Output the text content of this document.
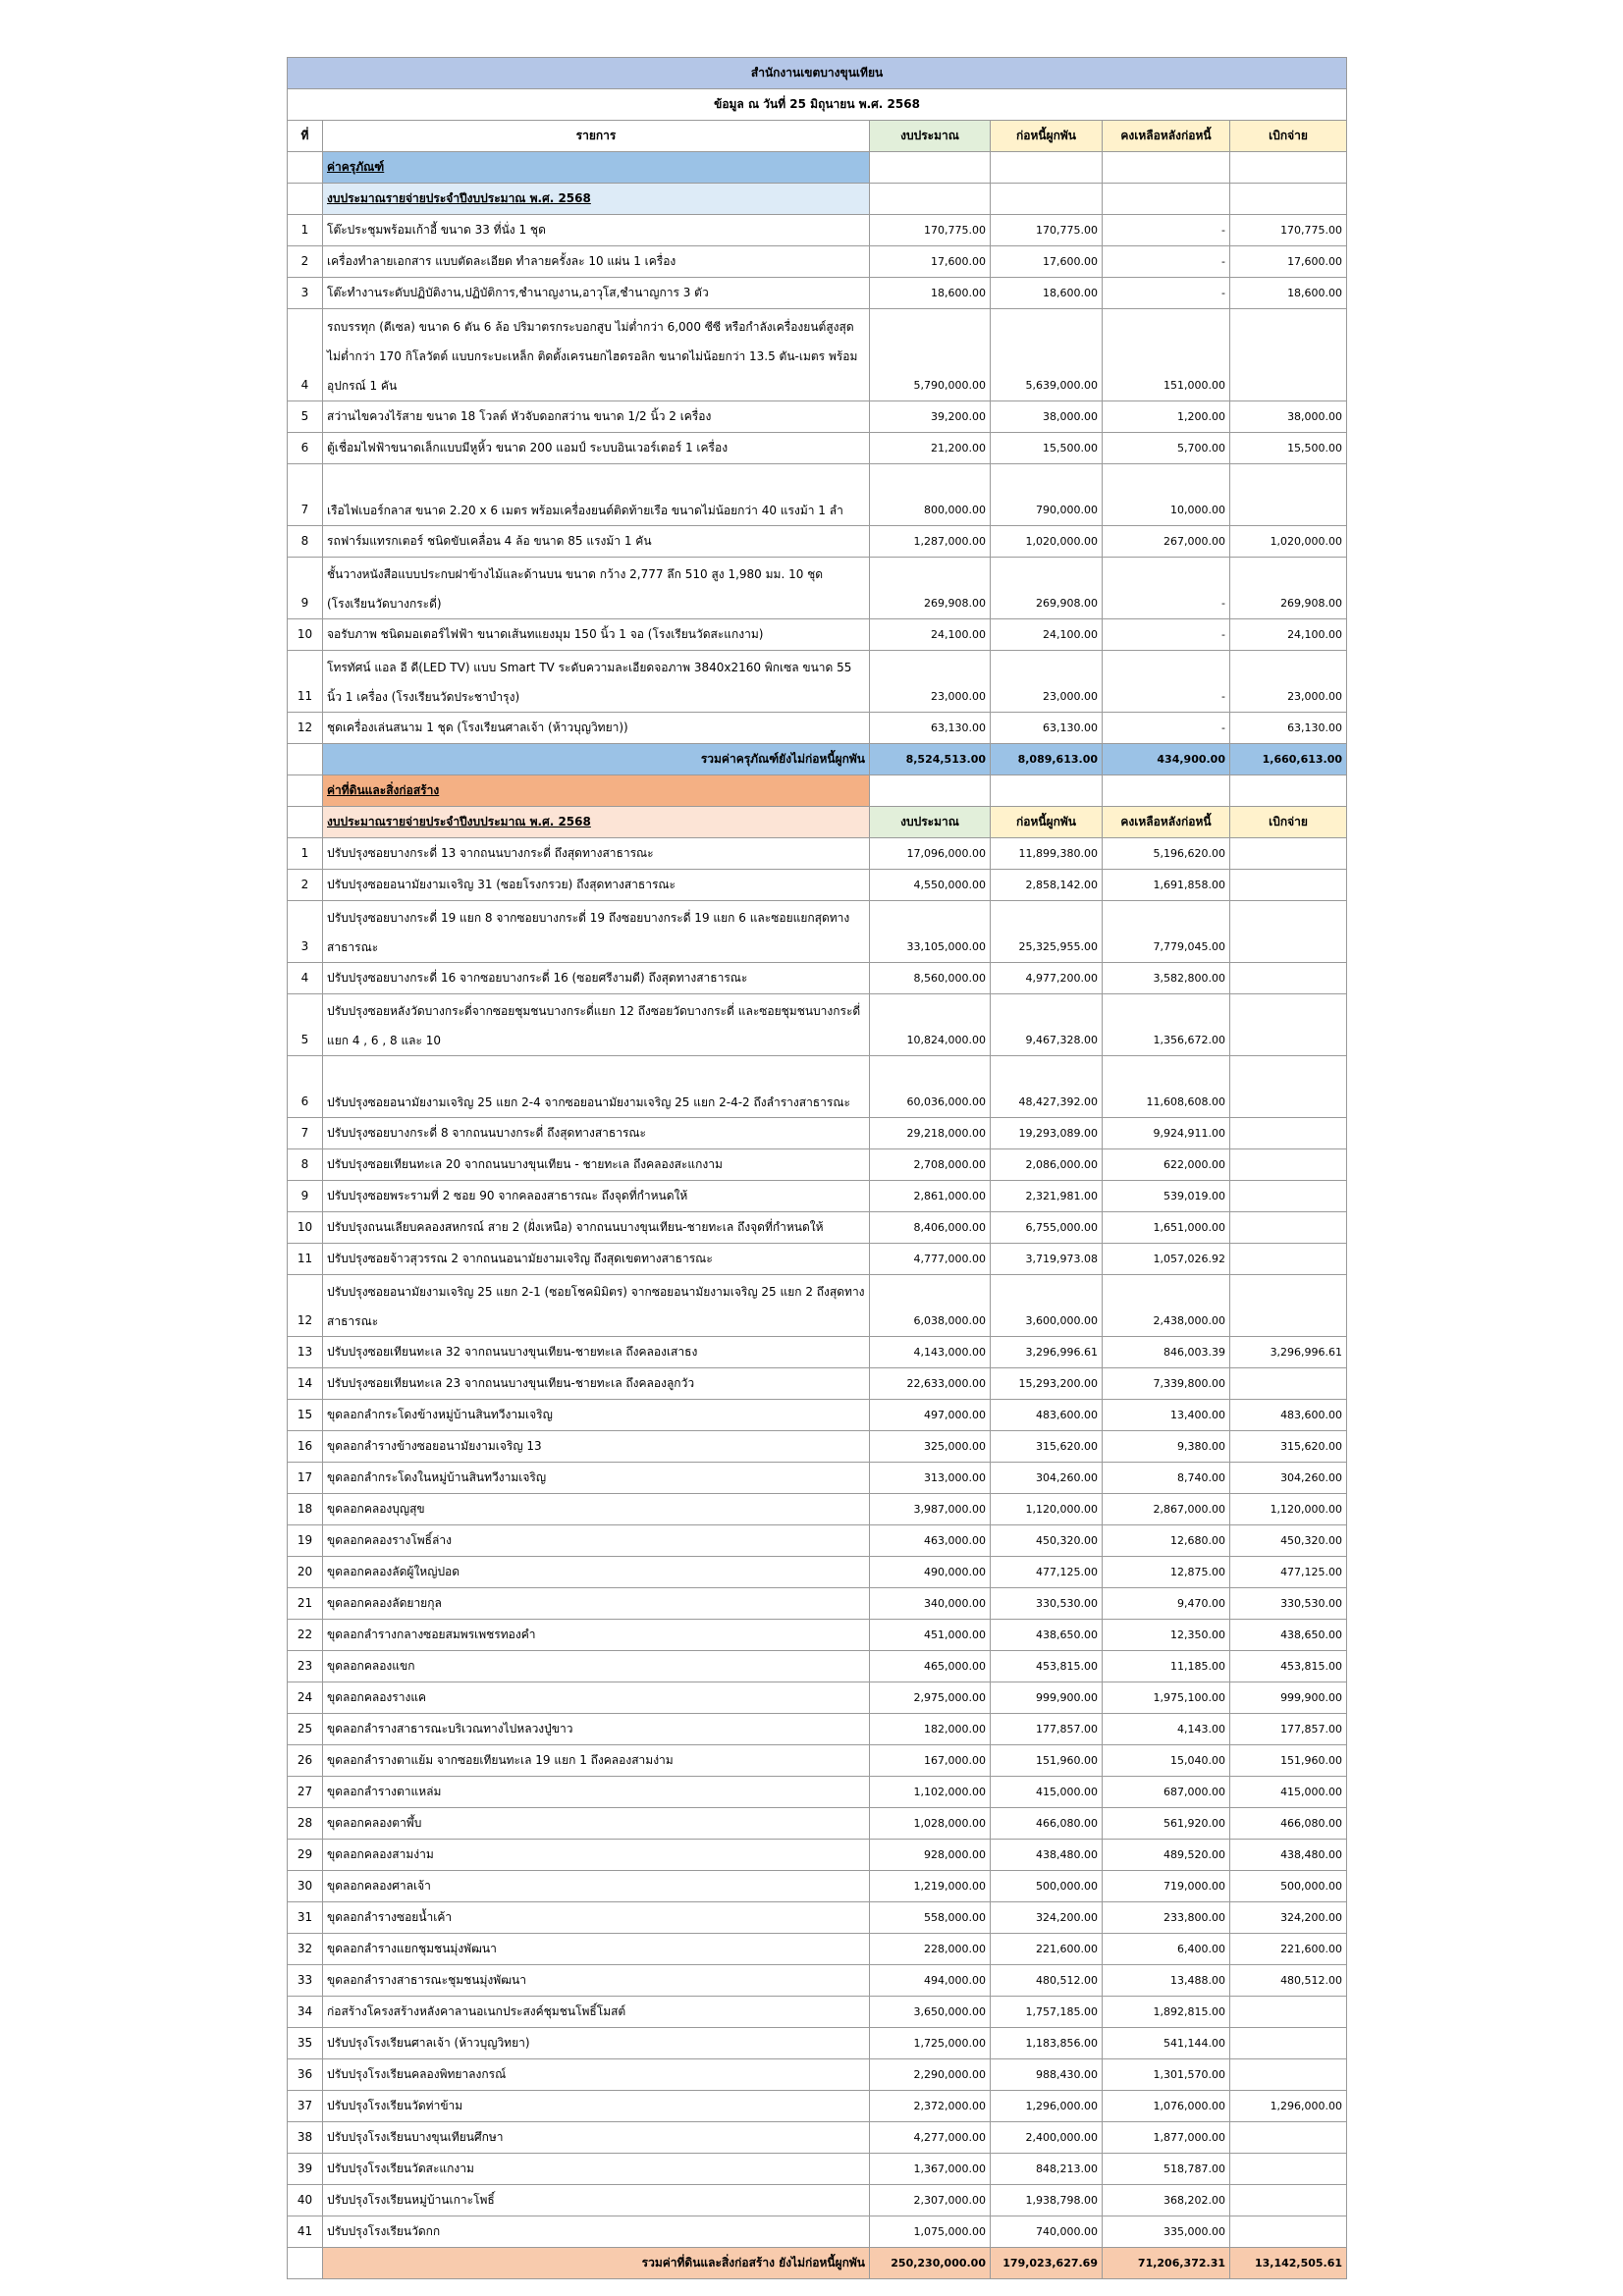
สำนักงานเขตบางขุนเทียน					
ข้อมูล ณ วันที่ 25 มิถุนายน พ.ศ. 2568					
ที่	รายการ	งบประมาณ	ก่อหนี้ผูกพัน	คงเหลือหลังก่อหนี้	เบิกจ่าย
	ค่าครุภัณฑ์				
	งบประมาณรายจ่ายประจำปีงบประมาณ พ.ศ. 2568				
1	โต๊ะประชุมพร้อมเก้าอี้ ขนาด 33 ที่นั่ง 1 ชุด	170,775.00	170,775.00	-	170,775.00
2	เครื่องทำลายเอกสาร แบบตัดละเอียด ทำลายครั้งละ 10 แผ่น 1 เครื่อง	17,600.00	17,600.00	-	17,600.00
3	โต๊ะทำงานระดับปฏิบัติงาน,ปฏิบัติการ,ชำนาญงาน,อาวุโส,ชำนาญการ 3 ตัว	18,600.00	18,600.00	-	18,600.00
4	รถบรรทุก (ดีเซล) ขนาด 6 ตัน 6 ล้อ ปริมาตรกระบอกสูบ ไม่ต่ำกว่า 6,000 ซีซี หรือกำลังเครื่องยนต์สูงสุดไม่ต่ำกว่า 170 กิโลวัตต์ แบบกระบะเหล็ก ติดตั้งเครนยกไฮดรอลิก ขนาดไม่น้อยกว่า 13.5 ตัน-เมตร พร้อมอุปกรณ์ 1 คัน	5,790,000.00	5,639,000.00	151,000.00	
5	สว่านไขควงไร้สาย ขนาด 18 โวลต์ หัวจับดอกสว่าน ขนาด 1/2 นิ้ว 2 เครื่อง	39,200.00	38,000.00	1,200.00	38,000.00
6	ตู้เชื่อมไฟฟ้าขนาดเล็กแบบมีหูหิ้ว ขนาด 200 แอมป์ ระบบอินเวอร์เตอร์ 1 เครื่อง	21,200.00	15,500.00	5,700.00	15,500.00
7	เรือไฟเบอร์กลาส ขนาด 2.20 x 6 เมตร พร้อมเครื่องยนต์ติดท้ายเรือ ขนาดไม่น้อยกว่า 40 แรงม้า 1 ลำ	800,000.00	790,000.00	10,000.00	
8	รถฟาร์มแทรกเตอร์ ชนิดขับเคลื่อน 4 ล้อ ขนาด 85 แรงม้า 1 คัน	1,287,000.00	1,020,000.00	267,000.00	1,020,000.00
9	ชั้นวางหนังสือแบบประกบฝาข้างไม้และด้านบน ขนาด กว้าง 2,777 ลึก 510 สูง 1,980 มม. 10 ชุด (โรงเรียนวัดบางกระดี่)	269,908.00	269,908.00	-	269,908.00
10	จอรับภาพ ชนิดมอเตอร์ไฟฟ้า ขนาดเส้นทแยงมุม 150 นิ้ว 1 จอ (โรงเรียนวัดสะแกงาม)	24,100.00	24,100.00	-	24,100.00
11	โทรทัศน์ แอล อี ดี(LED TV) แบบ Smart TV ระดับความละเอียดจอภาพ 3840x2160 พิกเซล ขนาด 55 นิ้ว 1 เครื่อง (โรงเรียนวัดประชาบำรุง)	23,000.00	23,000.00	-	23,000.00
12	ชุดเครื่องเล่นสนาม 1 ชุด (โรงเรียนศาลเจ้า (ห้าวบุญวิทยา))	63,130.00	63,130.00	-	63,130.00
	รวมค่าครุภัณฑ์ยังไม่ก่อหนี้ผูกพัน	8,524,513.00	8,089,613.00	434,900.00	1,660,613.00
	ค่าที่ดินและสิ่งก่อสร้าง				
	งบประมาณรายจ่ายประจำปีงบประมาณ พ.ศ. 2568	งบประมาณ	ก่อหนี้ผูกพัน	คงเหลือหลังก่อหนี้	เบิกจ่าย
1	ปรับปรุงซอยบางกระดี่ 13 จากถนนบางกระดี่ ถึงสุดทางสาธารณะ	17,096,000.00	11,899,380.00	5,196,620.00	
2	ปรับปรุงซอยอนามัยงามเจริญ 31 (ซอยโรงกรวย) ถึงสุดทางสาธารณะ	4,550,000.00	2,858,142.00	1,691,858.00	
3	ปรับปรุงซอยบางกระดี่ 19 แยก 8 จากซอยบางกระดี่ 19 ถึงซอยบางกระดี่ 19 แยก 6 และซอยแยกสุดทางสาธารณะ	33,105,000.00	25,325,955.00	7,779,045.00	
4	ปรับปรุงซอยบางกระดี่ 16 จากซอยบางกระดี่ 16 (ซอยศรีงามดี) ถึงสุดทางสาธารณะ	8,560,000.00	4,977,200.00	3,582,800.00	
5	ปรับปรุงซอยหลังวัดบางกระดี่จากซอยชุมชนบางกระดี่แยก 12 ถึงซอยวัดบางกระดี่ และซอยชุมชนบางกระดี่แยก 4 , 6 , 8 และ 10	10,824,000.00	9,467,328.00	1,356,672.00	
6	ปรับปรุงซอยอนามัยงามเจริญ 25 แยก 2-4 จากซอยอนามัยงามเจริญ 25 แยก 2-4-2 ถึงลำรางสาธารณะ	60,036,000.00	48,427,392.00	11,608,608.00	
7	ปรับปรุงซอยบางกระดี่ 8 จากถนนบางกระดี่ ถึงสุดทางสาธารณะ	29,218,000.00	19,293,089.00	9,924,911.00	
8	ปรับปรุงซอยเทียนทะเล 20 จากถนนบางขุนเทียน - ชายทะเล ถึงคลองสะแกงาม	2,708,000.00	2,086,000.00	622,000.00	
9	ปรับปรุงซอยพระรามที่ 2 ซอย 90 จากคลองสาธารณะ ถึงจุดที่กำหนดให้	2,861,000.00	2,321,981.00	539,019.00	
10	ปรับปรุงถนนเลียบคลองสหกรณ์ สาย 2 (ฝั่งเหนือ) จากถนนบางขุนเทียน-ชายทะเล ถึงจุดที่กำหนดให้	8,406,000.00	6,755,000.00	1,651,000.00	
11	ปรับปรุงซอยจ้าวสุวรรณ 2 จากถนนอนามัยงามเจริญ ถึงสุดเขตทางสาธารณะ	4,777,000.00	3,719,973.08	1,057,026.92	
12	ปรับปรุงซอยอนามัยงามเจริญ 25 แยก 2-1 (ซอยโชคมิมิตร) จากซอยอนามัยงามเจริญ 25 แยก 2 ถึงสุดทางสาธารณะ	6,038,000.00	3,600,000.00	2,438,000.00	
13	ปรับปรุงซอยเทียนทะเล 32 จากถนนบางขุนเทียน-ชายทะเล ถึงคลองเสาธง	4,143,000.00	3,296,996.61	846,003.39	3,296,996.61
14	ปรับปรุงซอยเทียนทะเล 23 จากถนนบางขุนเทียน-ชายทะเล ถึงคลองลูกวัว	22,633,000.00	15,293,200.00	7,339,800.00	
15	ขุดลอกลำกระโดงข้างหมู่บ้านสินทวีงามเจริญ	497,000.00	483,600.00	13,400.00	483,600.00
16	ขุดลอกลำรางข้างซอยอนามัยงามเจริญ 13	325,000.00	315,620.00	9,380.00	315,620.00
17	ขุดลอกลำกระโดงในหมู่บ้านสินทวีงามเจริญ	313,000.00	304,260.00	8,740.00	304,260.00
18	ขุดลอกคลองบุญสุข	3,987,000.00	1,120,000.00	2,867,000.00	1,120,000.00
19	ขุดลอกคลองรางโพธิ์ล่าง	463,000.00	450,320.00	12,680.00	450,320.00
20	ขุดลอกคลองลัดผู้ใหญ่ปอด	490,000.00	477,125.00	12,875.00	477,125.00
21	ขุดลอกคลองลัดยายกุล	340,000.00	330,530.00	9,470.00	330,530.00
22	ขุดลอกลำรางกลางซอยสมพรเพชรทองคำ	451,000.00	438,650.00	12,350.00	438,650.00
23	ขุดลอกคลองแขก	465,000.00	453,815.00	11,185.00	453,815.00
24	ขุดลอกคลองรางแค	2,975,000.00	999,900.00	1,975,100.00	999,900.00
25	ขุดลอกลำรางสาธารณะบริเวณทางไปหลวงปู่ขาว	182,000.00	177,857.00	4,143.00	177,857.00
26	ขุดลอกลำรางตาแย้ม จากซอยเทียนทะเล 19 แยก 1 ถึงคลองสามง่าม	167,000.00	151,960.00	15,040.00	151,960.00
27	ขุดลอกลำรางตาแหล่ม	1,102,000.00	415,000.00	687,000.00	415,000.00
28	ขุดลอกคลองตาพึ้บ	1,028,000.00	466,080.00	561,920.00	466,080.00
29	ขุดลอกคลองสามง่าม	928,000.00	438,480.00	489,520.00	438,480.00
30	ขุดลอกคลองศาลเจ้า	1,219,000.00	500,000.00	719,000.00	500,000.00
31	ขุดลอกลำรางซอยน้ำเค้า	558,000.00	324,200.00	233,800.00	324,200.00
32	ขุดลอกลำรางแยกชุมชนมุ่งพัฒนา	228,000.00	221,600.00	6,400.00	221,600.00
33	ขุดลอกลำรางสาธารณะชุมชนมุ่งพัฒนา	494,000.00	480,512.00	13,488.00	480,512.00
34	ก่อสร้างโครงสร้างหลังคาลานอเนกประสงค์ชุมชนโพธิ์โมสต์	3,650,000.00	1,757,185.00	1,892,815.00	
35	ปรับปรุงโรงเรียนศาลเจ้า (ห้าวบุญวิทยา)	1,725,000.00	1,183,856.00	541,144.00	
36	ปรับปรุงโรงเรียนคลองพิทยาลงกรณ์	2,290,000.00	988,430.00	1,301,570.00	
37	ปรับปรุงโรงเรียนวัดท่าข้าม	2,372,000.00	1,296,000.00	1,076,000.00	1,296,000.00
38	ปรับปรุงโรงเรียนบางขุนเทียนศึกษา	4,277,000.00	2,400,000.00	1,877,000.00	
39	ปรับปรุงโรงเรียนวัดสะแกงาม	1,367,000.00	848,213.00	518,787.00	
40	ปรับปรุงโรงเรียนหมู่บ้านเกาะโพธิ์	2,307,000.00	1,938,798.00	368,202.00	
41	ปรับปรุงโรงเรียนวัดกก	1,075,000.00	740,000.00	335,000.00	
	รวมค่าที่ดินและสิ่งก่อสร้าง ยังไม่ก่อหนี้ผูกพัน	250,230,000.00	179,023,627.69	71,206,372.31	13,142,505.61
